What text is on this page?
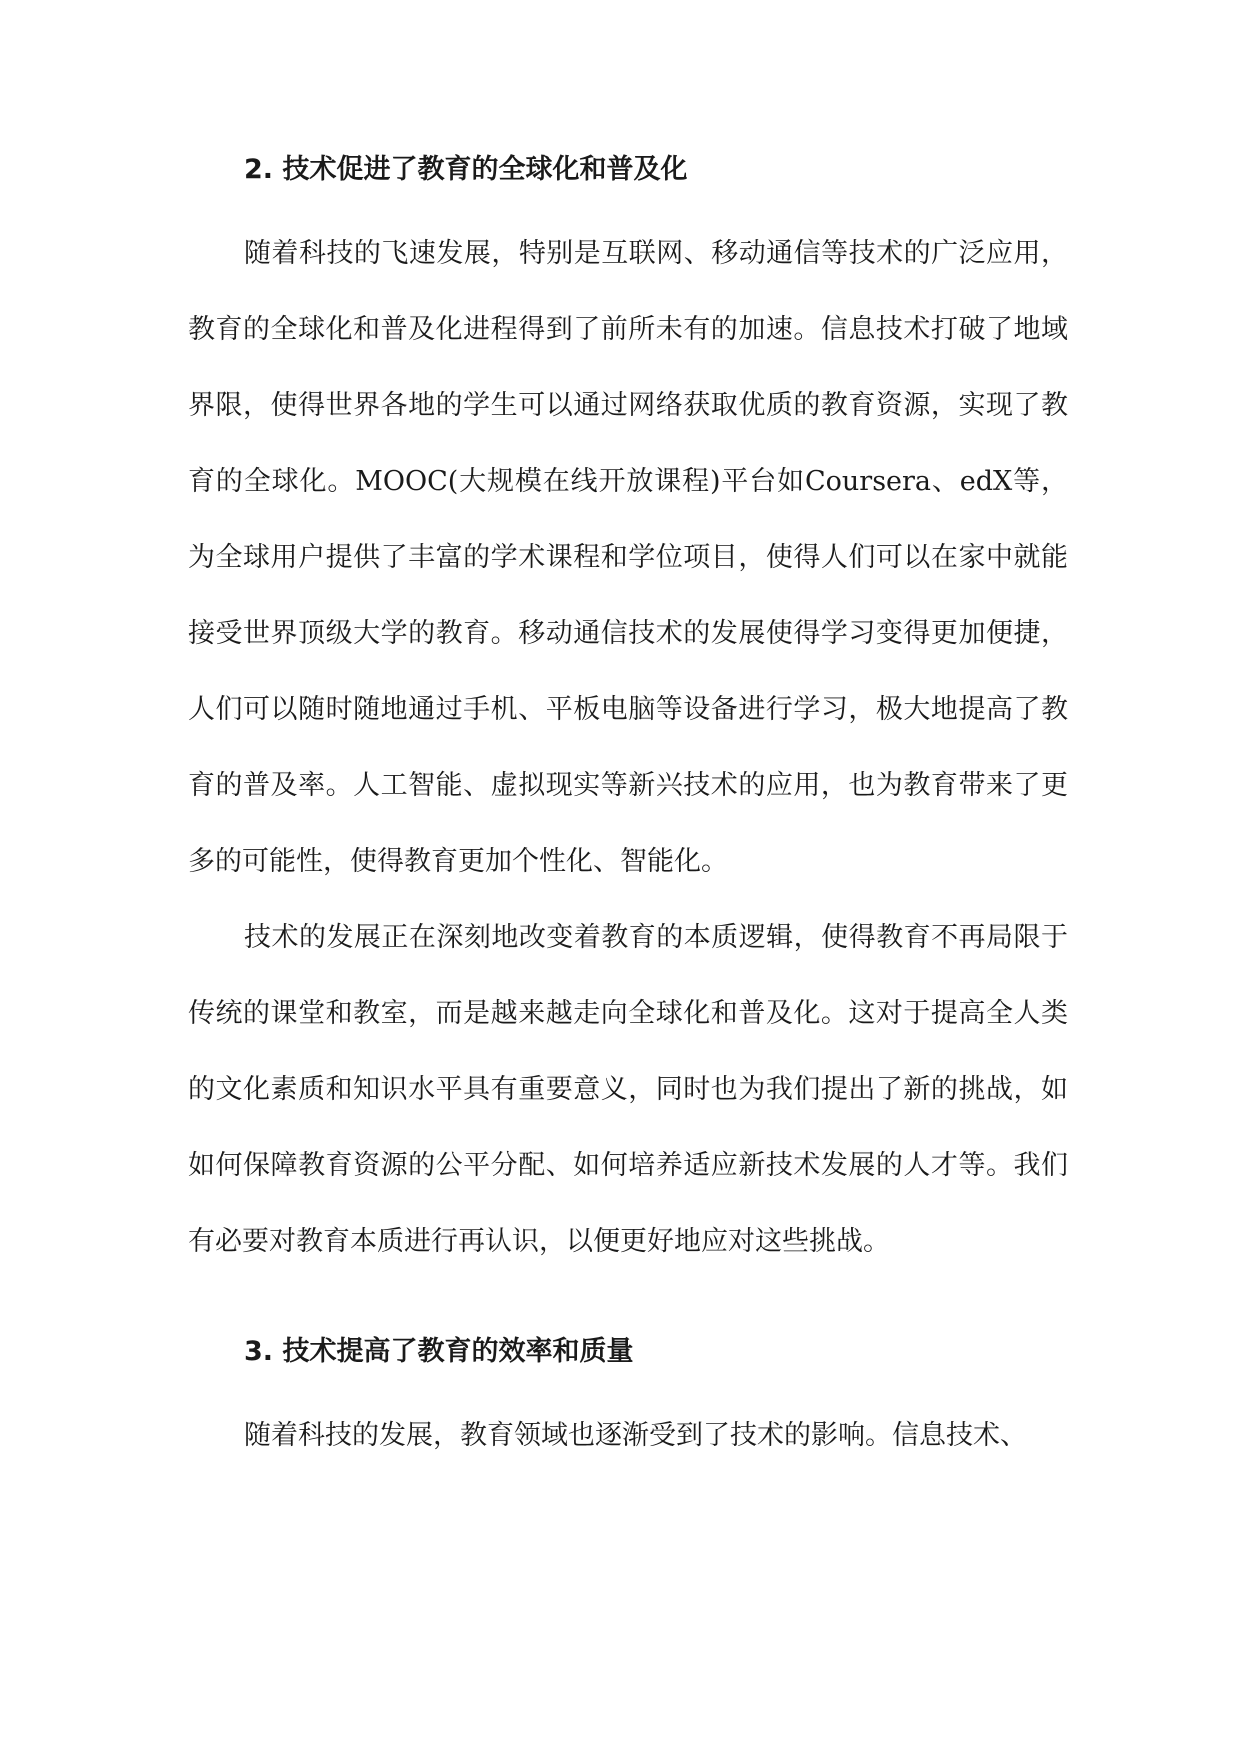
2. 技术促进了教育的全球化和普及化

随着科技的飞速发展，特别是互联网、移动通信等技术的广泛应用，教育的全球化和普及化进程得到了前所未有的加速。信息技术打破了地域界限，使得世界各地的学生可以通过网络获取优质的教育资源，实现了教育的全球化。MOOC(大规模在线开放课程)平台如Coursera、edX等，为全球用户提供了丰富的学术课程和学位项目，使得人们可以在家中就能接受世界顶级大学的教育。移动通信技术的发展使得学习变得更加便捷，人们可以随时随地通过手机、平板电脑等设备进行学习，极大地提高了教育的普及率。人工智能、虚拟现实等新兴技术的应用，也为教育带来了更多的可能性，使得教育更加个性化、智能化。

技术的发展正在深刻地改变着教育的本质逻辑，使得教育不再局限于传统的课堂和教室，而是越来越走向全球化和普及化。这对于提高全人类的文化素质和知识水平具有重要意义，同时也为我们提出了新的挑战，如如何保障教育资源的公平分配、如何培养适应新技术发展的人才等。我们有必要对教育本质进行再认识，以便更好地应对这些挑战。

3. 技术提高了教育的效率和质量

随着科技的发展，教育领域也逐渐受到了技术的影响。信息技术、
